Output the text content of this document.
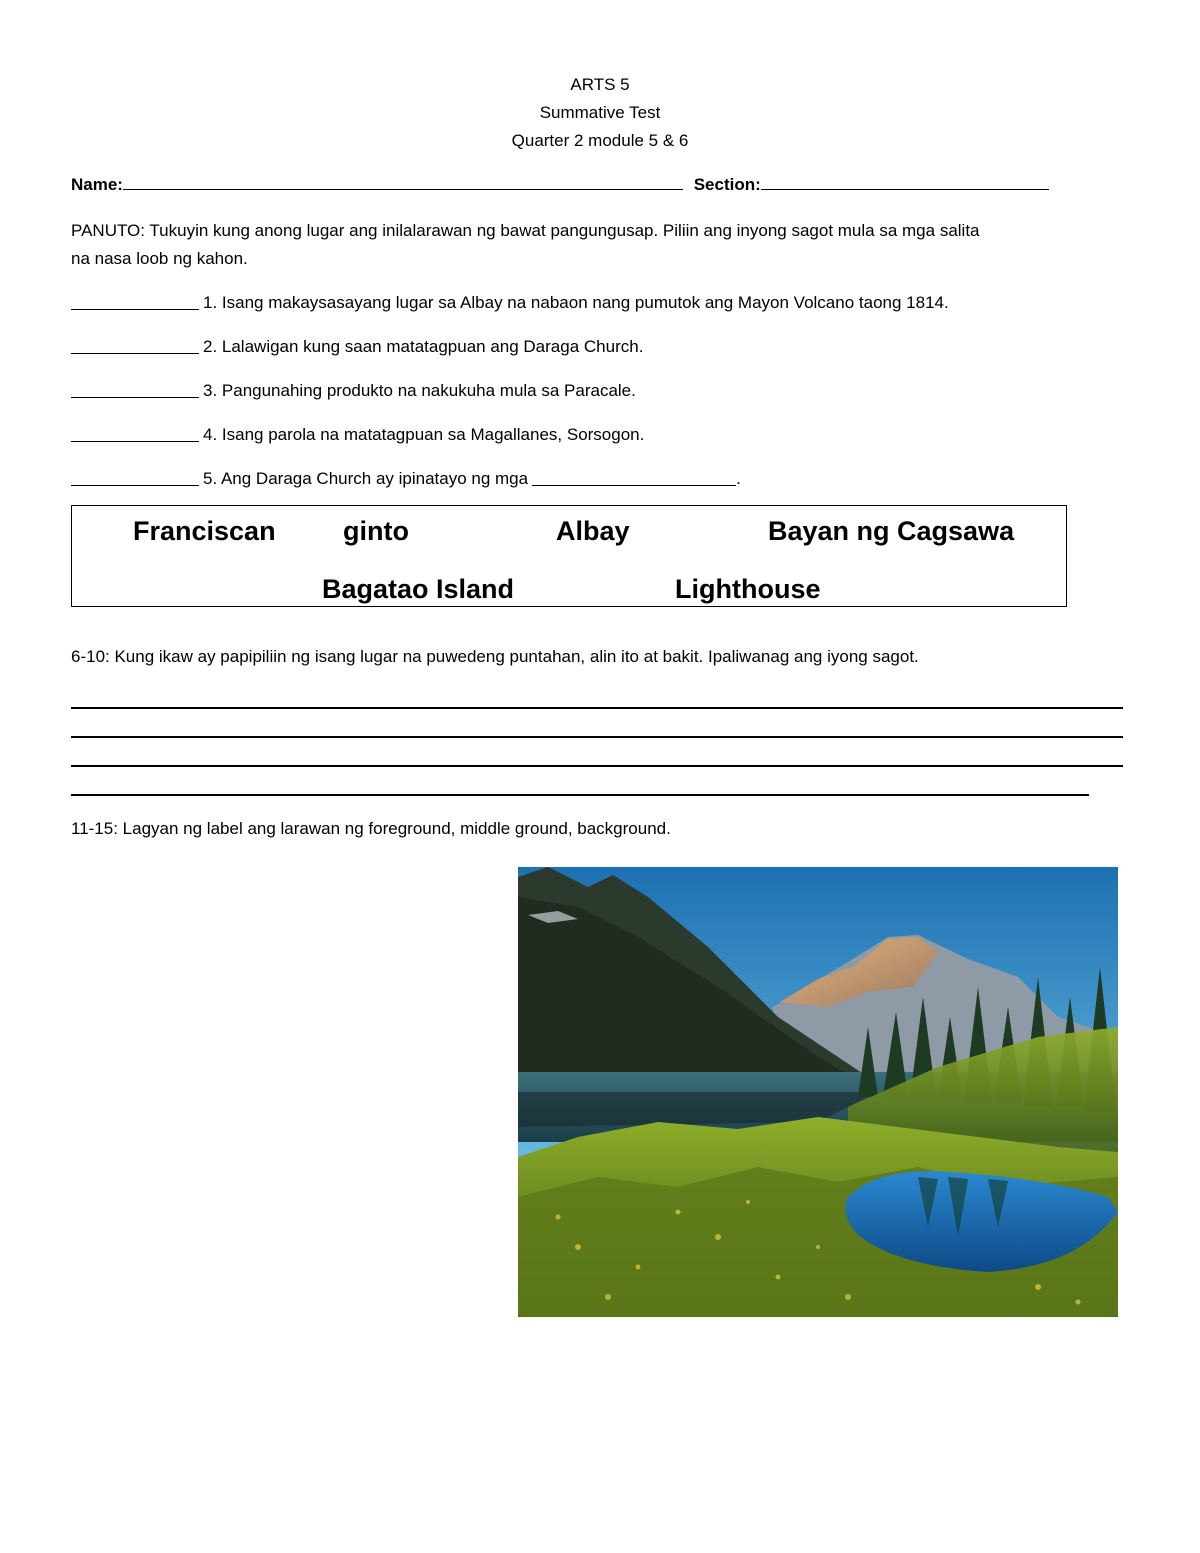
ARTS 5
Summative Test
Quarter 2 module 5 & 6
Name:	Section:
PANUTO: Tukuyin kung anong lugar ang inilalarawan ng bawat pangungusap. Piliin ang inyong sagot mula sa mga salita
na nasa loob ng kahon.
1. Isang makaysasayang lugar sa Albay na nabaon nang pumutok ang Mayon Volcano taong 1814.
2. Lalawigan kung saan matatagpuan ang Daraga Church.
3. Pangunahing produkto na nakukuha mula sa Paracale.
4. Isang parola na matatagpuan sa Magallanes, Sorsogon.
5. Ang Daraga Church ay ipinatayo ng mga	.
Franciscan ginto	Albay	Bayan ng Cagsawa
Bagatao Island	Lighthouse
6-10: Kung ikaw ay papipiliin ng isang lugar na puwedeng puntahan, alin ito at bakit. Ipaliwanag ang iyong sagot.
11-15: Lagyan ng label ang larawan ng foreground, middle ground, background.
